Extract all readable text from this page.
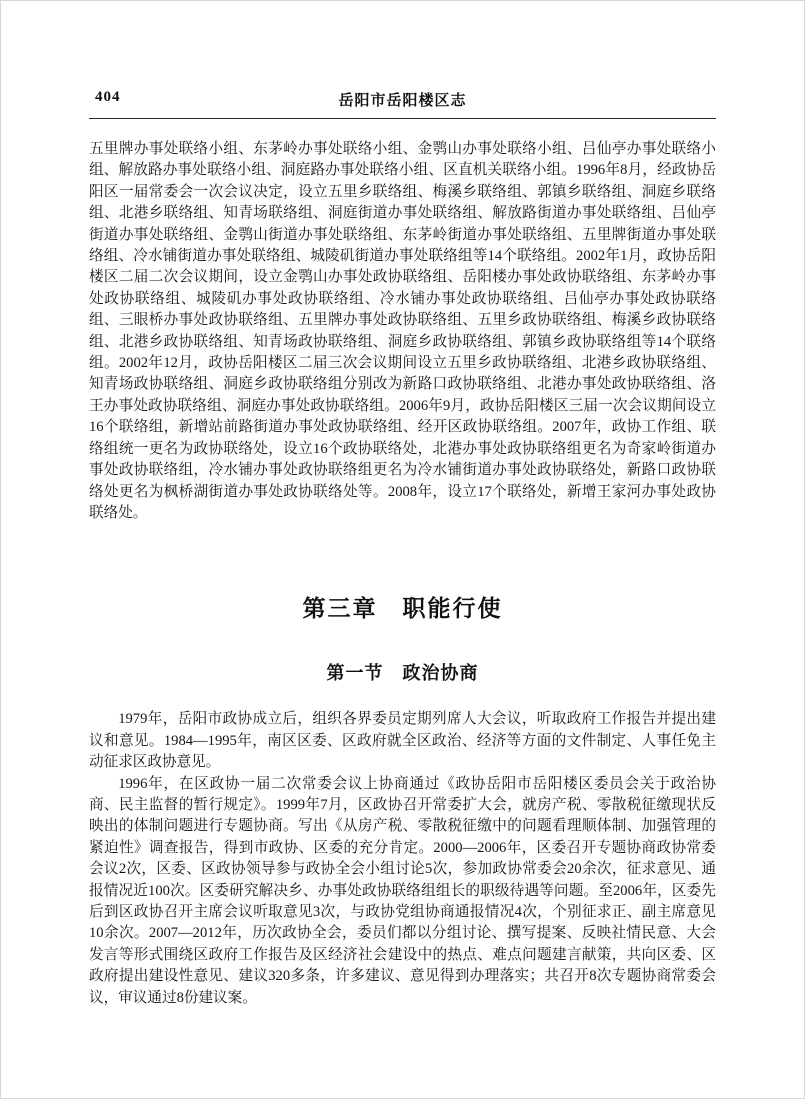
404	岳阳市岳阳楼区志

五里牌办事处联络小组、东茅岭办事处联络小组、金鹗山办事处联络小组、吕仙亭办事处联络小组、解放路办事处联络小组、洞庭路办事处联络小组、区直机关联络小组。1996年8月，经政协岳阳区一届常委会一次会议决定，设立五里乡联络组、梅溪乡联络组、郭镇乡联络组、洞庭乡联络组、北港乡联络组、知青场联络组、洞庭街道办事处联络组、解放路街道办事处联络组、吕仙亭街道办事处联络组、金鹗山街道办事处联络组、东茅岭街道办事处联络组、五里牌街道办事处联络组、冷水铺街道办事处联络组、城陵矶街道办事处联络组等14个联络组。2002年1月，政协岳阳楼区二届二次会议期间，设立金鹗山办事处政协联络组、岳阳楼办事处政协联络组、东茅岭办事处政协联络组、城陵矶办事处政协联络组、冷水铺办事处政协联络组、吕仙亭办事处政协联络组、三眼桥办事处政协联络组、五里牌办事处政协联络组、五里乡政协联络组、梅溪乡政协联络组、北港乡政协联络组、知青场政协联络组、洞庭乡政协联络组、郭镇乡政协联络组等14个联络组。2002年12月，政协岳阳楼区二届三次会议期间设立五里乡政协联络组、北港乡政协联络组、知青场政协联络组、洞庭乡政协联络组分别改为新路口政协联络组、北港办事处政协联络组、洛王办事处政协联络组、洞庭办事处政协联络组。2006年9月，政协岳阳楼区三届一次会议期间设立16个联络组，新增站前路街道办事处政协联络组、经开区政协联络组。2007年，政协工作组、联络组统一更名为政协联络处，设立16个政协联络处，北港办事处政协联络组更名为奇家岭街道办事处政协联络组，冷水铺办事处政协联络组更名为冷水铺街道办事处政协联络处，新路口政协联络处更名为枫桥湖街道办事处政协联络处等。2008年，设立17个联络处，新增王家河办事处政协联络处。

第三章　职能行使
第一节　政治协商

1979年，岳阳市政协成立后，组织各界委员定期列席人大会议，听取政府工作报告并提出建议和意见。1984—1995年，南区区委、区政府就全区政治、经济等方面的文件制定、人事任免主动征求区政协意见。

1996年，在区政协一届二次常委会议上协商通过《政协岳阳市岳阳楼区委员会关于政治协商、民主监督的暂行规定》。1999年7月，区政协召开常委扩大会，就房产税、零散税征缴现状反映出的体制问题进行专题协商。写出《从房产税、零散税征缴中的问题看理顺体制、加强管理的紧迫性》调查报告，得到市政协、区委的充分肯定。2000—2006年，区委召开专题协商政协常委会议2次，区委、区政协领导参与政协全会小组讨论5次，参加政协常委会20余次，征求意见、通报情况近100次。区委研究解决乡、办事处政协联络组组长的职级待遇等问题。至2006年，区委先后到区政协召开主席会议听取意见3次，与政协党组协商通报情况4次，个别征求正、副主席意见10余次。2007—2012年，历次政协全会，委员们都以分组讨论、撰写提案、反映社情民意、大会发言等形式围绕区政府工作报告及区经济社会建设中的热点、难点问题建言献策，共向区委、区政府提出建设性意见、建议320多条，许多建议、意见得到办理落实；共召开8次专题协商常委会议，审议通过8份建议案。
